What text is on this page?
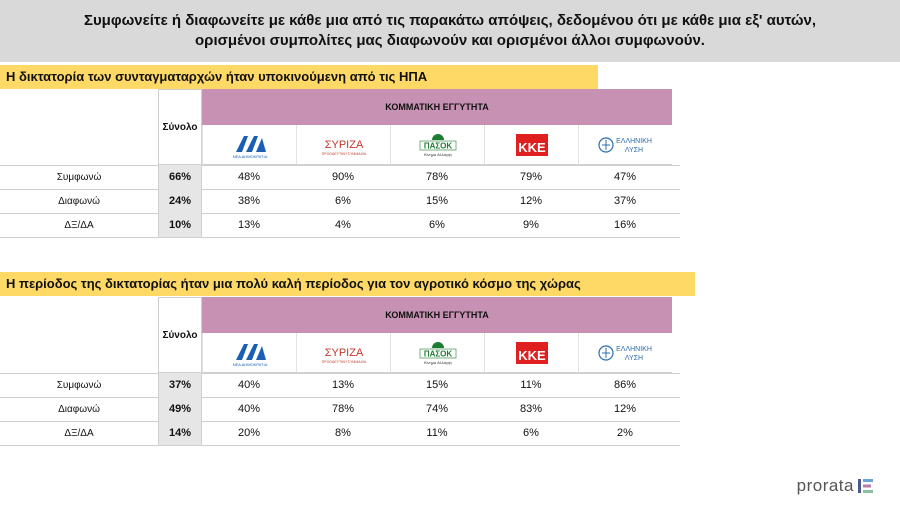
Συμφωνείτε ή διαφωνείτε με κάθε μια από τις παρακάτω απόψεις, δεδομένου ότι με κάθε μια εξ' αυτών,
ορισμένοι συμπολίτες μας διαφωνούν και ορισμένοι άλλοι συμφωνούν.
Η δικτατορία των συνταγματαρχών ήταν υποκινούμενη από τις ΗΠΑ
Σύνολο
ΚΟΜΜΑΤΙΚΗ ΕΓΓΥΤΗΤΑ
ΝΕΑ ΔΗΜΟΚΡΑΤΙΑ
ΣΥΡΙΖΑ
ΠΡΟΟΔΕΥΤΙΚΗ ΣΥΜΜΑΧΙΑ
ΠΑΣΟΚ
Κίνημα Αλλαγής	ΚΚΕ	ΕΛΛΗΝΙΚΗ
ΛΥΣΗ
Συμφωνώ	66%	48%	90%	78%	79%	47%
Διαφωνώ	24%	38%	6%	15%	12%	37%
ΔΞ/ΔΑ	10%	13%	4%	6%	9%	16%
Η περίοδος της δικτατορίας ήταν μια πολύ καλή περίοδος για τον αγροτικό κόσμο της χώρας
Σύνολο
ΚΟΜΜΑΤΙΚΗ ΕΓΓΥΤΗΤΑ
ΝΕΑ ΔΗΜΟΚΡΑΤΙΑ
ΣΥΡΙΖΑ
ΠΡΟΟΔΕΥΤΙΚΗ ΣΥΜΜΑΧΙΑ
ΠΑΣΟΚ
Κίνημα Αλλαγής	ΚΚΕ	ΕΛΛΗΝΙΚΗ
ΛΥΣΗ
Συμφωνώ	37%	40%	13%	15%	11%	86%
Διαφωνώ	49%	40%	78%	74%	83%	12%
ΔΞ/ΔΑ	14%	20%	8%	11%	6%	2%
prorata
